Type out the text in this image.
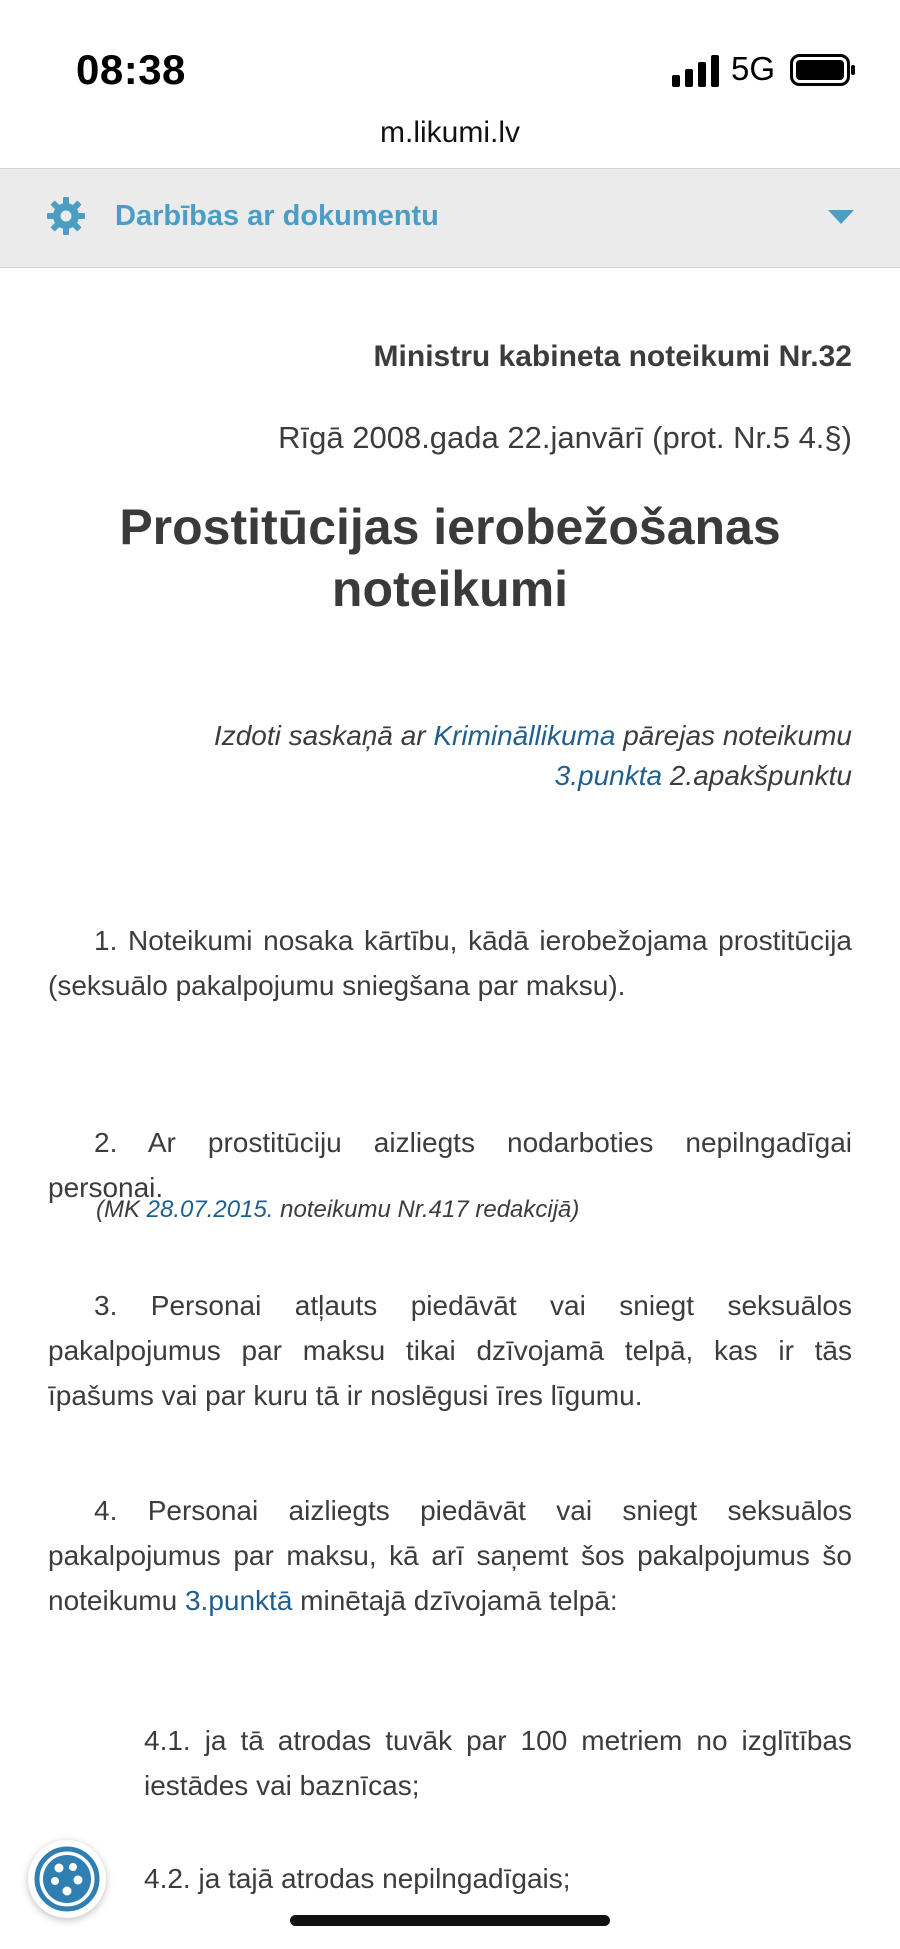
08:38	5G
m.likumi.lv
Darbības ar dokumentu
Ministru kabineta noteikumi Nr.32
Rīgā 2008.gada 22.janvārī (prot. Nr.5 4.§)
Prostitūcijas ierobežošanas noteikumi
Izdoti saskaņā ar Krimināllikuma pārejas noteikumu
3.punkta 2.apakšpunktu
1. Noteikumi nosaka kārtību, kādā ierobežojama prostitūcija (seksuālo pakalpojumu sniegšana par maksu).
2. Ar prostitūciju aizliegts nodarboties nepilngadīgai personai.
(MK 28.07.2015. noteikumu Nr.417 redakcijā)
3. Personai atļauts piedāvāt vai sniegt seksuālos pakalpojumus par maksu tikai dzīvojamā telpā, kas ir tās īpašums vai par kuru tā ir noslēgusi īres līgumu.
4. Personai aizliegts piedāvāt vai sniegt seksuālos pakalpojumus par maksu, kā arī saņemt šos pakalpojumus šo noteikumu 3.punktā minētajā dzīvojamā telpā:
4.1. ja tā atrodas tuvāk par 100 metriem no izglītības iestādes vai baznīcas;
4.2. ja tajā atrodas nepilngadīgais;
